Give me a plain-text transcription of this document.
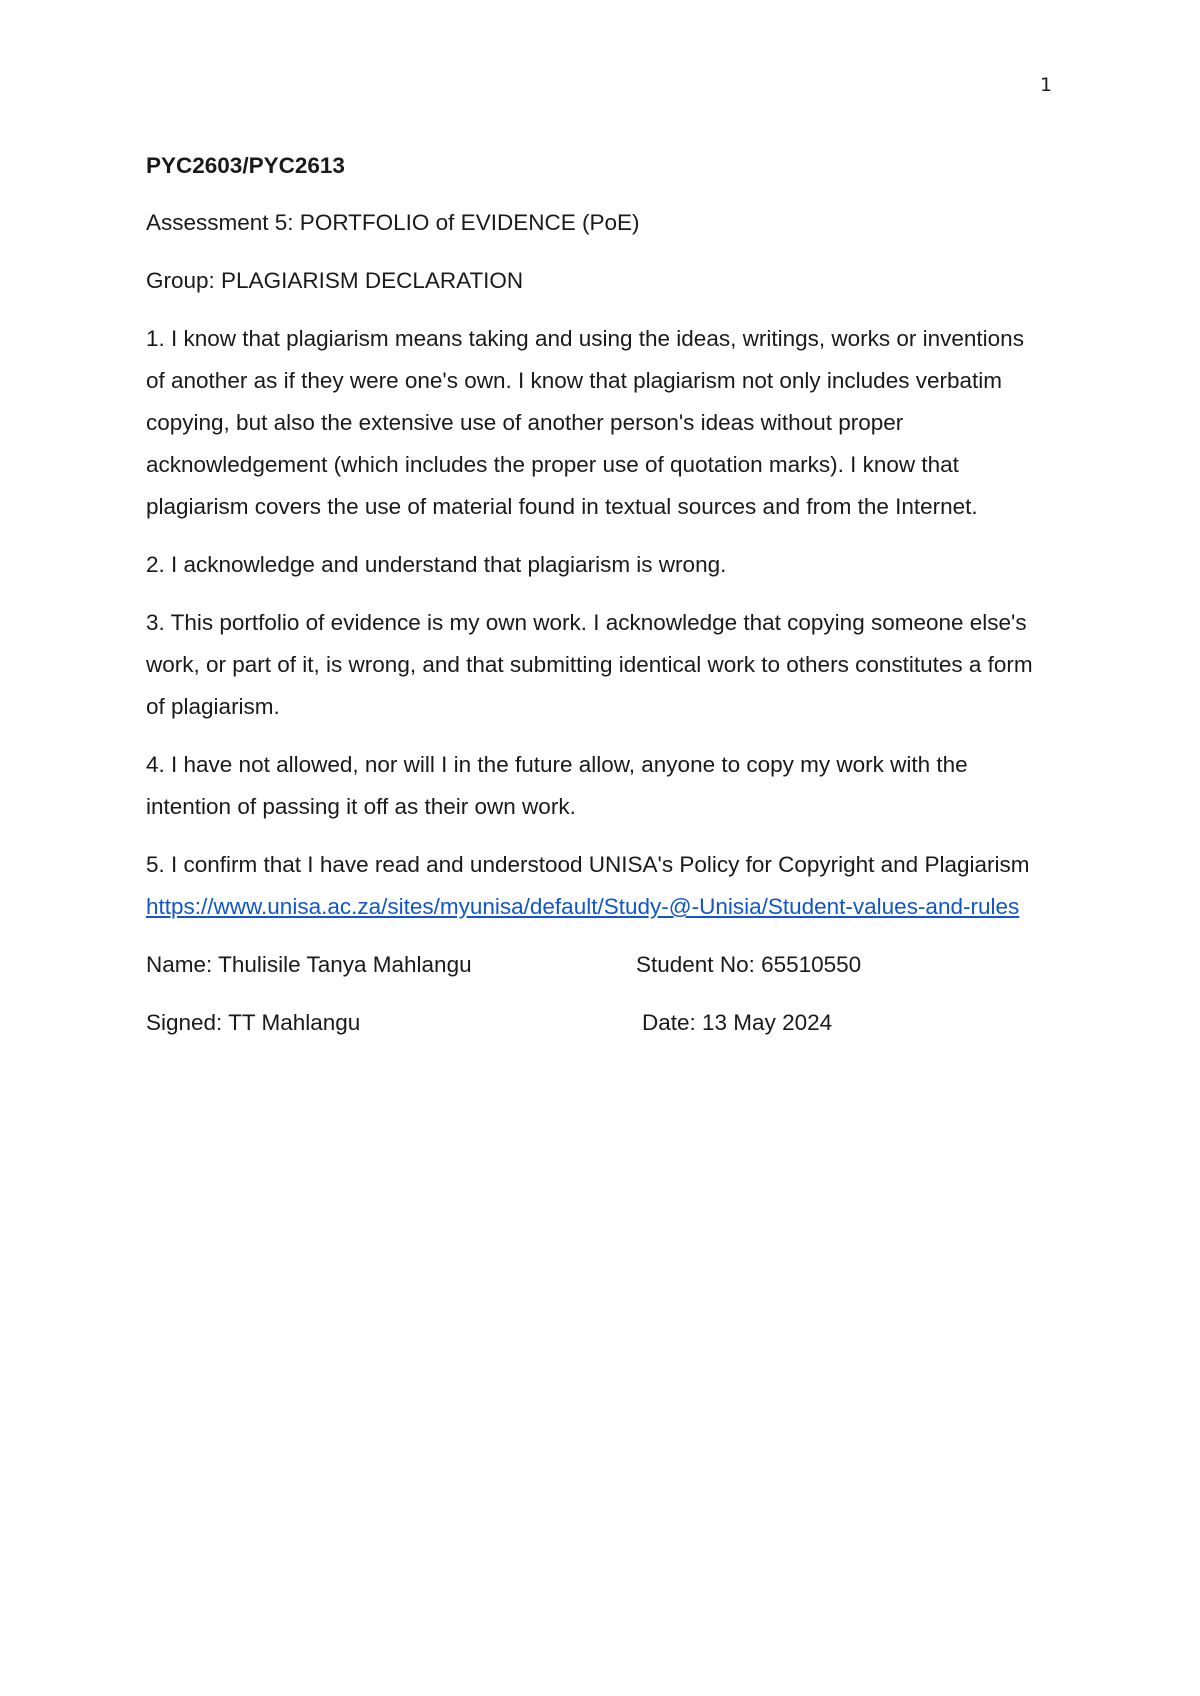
1
PYC2603/PYC2613
Assessment 5: PORTFOLIO of EVIDENCE (PoE)
Group: PLAGIARISM DECLARATION
1. I know that plagiarism means taking and using the ideas, writings, works or inventions of another as if they were one's own. I know that plagiarism not only includes verbatim copying, but also the extensive use of another person's ideas without proper acknowledgement (which includes the proper use of quotation marks). I know that plagiarism covers the use of material found in textual sources and from the Internet.
2. I acknowledge and understand that plagiarism is wrong.
3. This portfolio of evidence is my own work. I acknowledge that copying someone else's work, or part of it, is wrong, and that submitting identical work to others constitutes a form of plagiarism.
4. I have not allowed, nor will I in the future allow, anyone to copy my work with the intention of passing it off as their own work.
5. I confirm that I have read and understood UNISA's Policy for Copyright and Plagiarism https://www.unisa.ac.za/sites/myunisa/default/Study-@-Unisia/Student-values-and-rules
Name: Thulisile Tanya Mahlangu	Student No: 65510550
Signed: TT Mahlangu	Date: 13 May 2024
